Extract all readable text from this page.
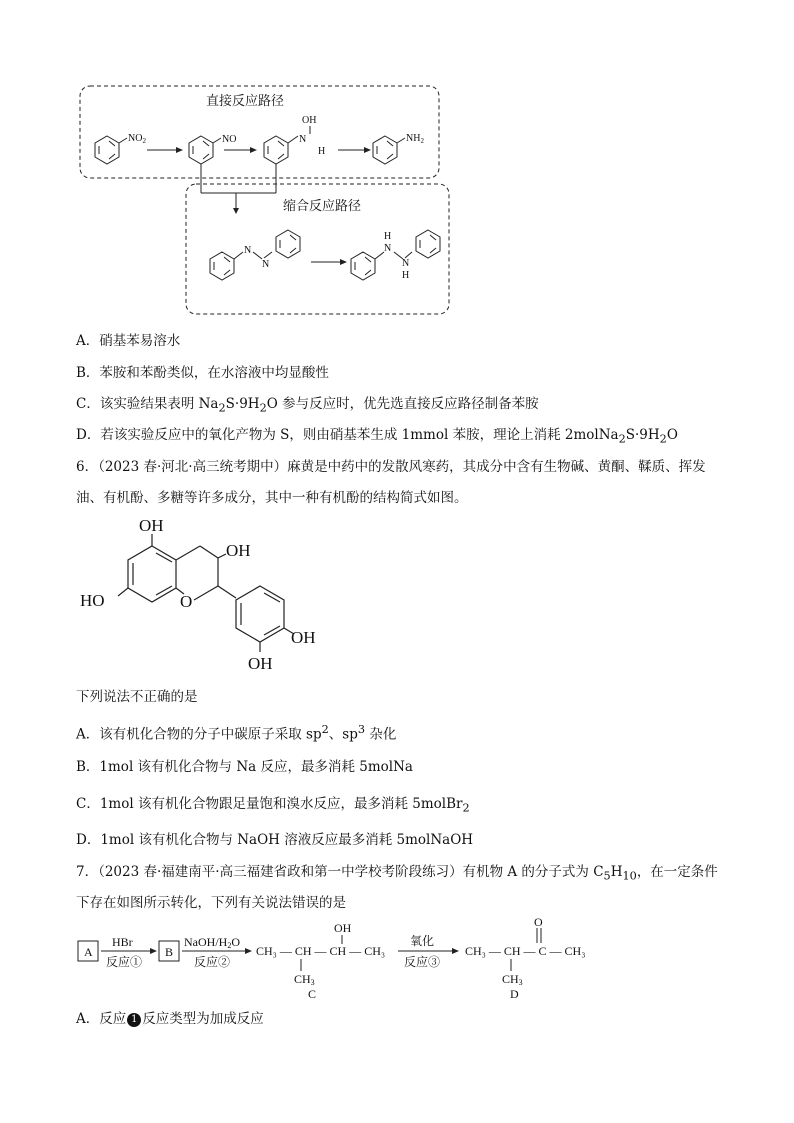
直接反应路径
缩合反应路径
$NO_2$	NO
OH
N
H
$NH_2$
N
N
H
N
N
H
A．硝基苯易溶水
B．苯胺和苯酚类似，在水溶液中均显酸性
C．该实验结果表明 $Na_2S\cdot 9H_2O$ 参与反应时，优先选直接反应路径制备苯胺
D．若该实验反应中的氧化产物为 S，则由硝基苯生成 1mmol 苯胺，理论上消耗 $2molNa_2S\cdot 9H_2O$
6．（2023 春·河北·高三统考期中）麻黄是中药中的发散风寒药，其成分中含有生物碱、黄酮、鞣质、挥发
油、有机酚、多糖等许多成分，其中一种有机酚的结构简式如图。
OH
OH
HO	O
OH
OH
下列说法不正确的是
A．该有机化合物的分子中碳原子采取 $sp^2$、$sp^3$ 杂化
B．1mol 该有机化合物与 Na 反应，最多消耗 5molNa
C．1mol 该有机化合物跟足量饱和溴水反应，最多消耗 5molBr$_2$
D．1mol 该有机化合物与 NaOH 溶液反应最多消耗 5molNaOH
7．（2023 春·福建南平·高三福建省政和第一中学校考阶段练习）有机物 A 的分子式为 $C_5H_{10}$，在一定条件
下存在如图所示转化，下列有关说法错误的是
A	B
HBr
反应①
NaOH/H2O
反应②
CH₃ — CH — CH — CH₃
OH
CH3
C
氧化
反应③
CH₃ — CH — C — CH₃
O
CH3
D
A．反应 1 反应类型为加成反应
